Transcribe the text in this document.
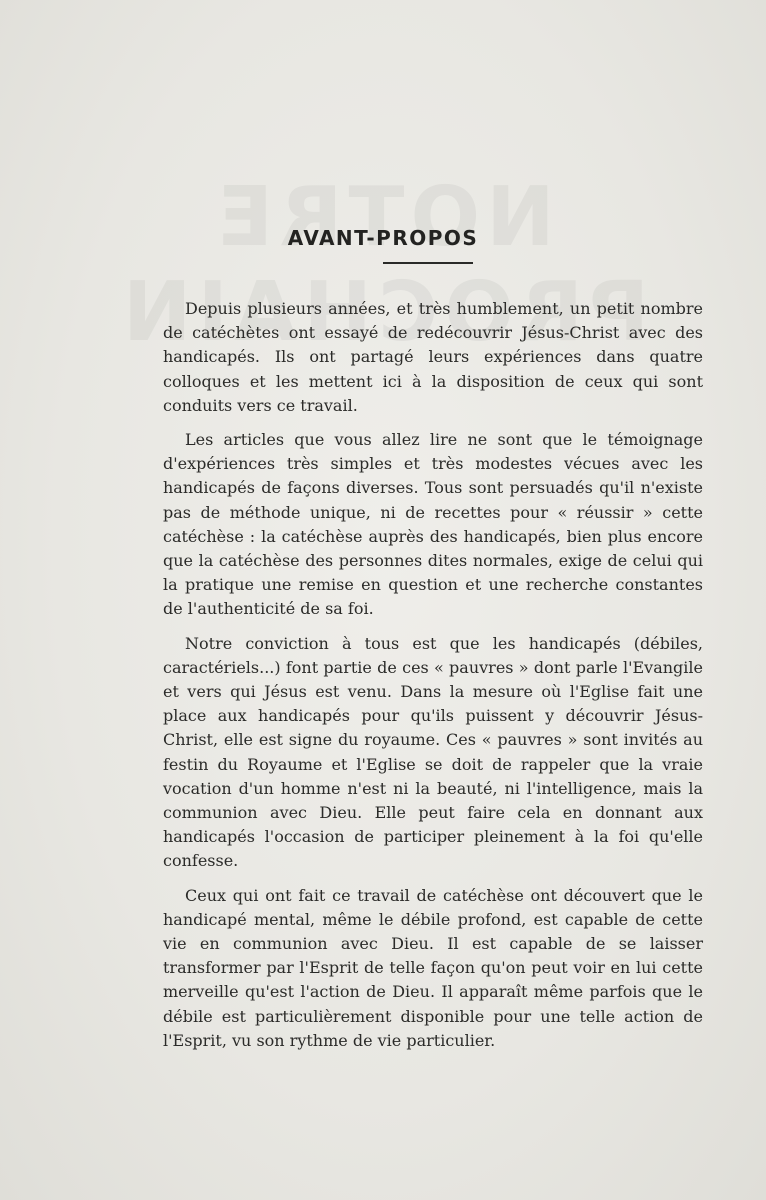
AVANT-PROPOS

Depuis plusieurs années, et très humblement, un petit nombre de catéchètes ont essayé de redécouvrir Jésus-Christ avec des handicapés. Ils ont partagé leurs expériences dans quatre colloques et les mettent ici à la disposition de ceux qui sont conduits vers ce travail.

Les articles que vous allez lire ne sont que le témoignage d'expériences très simples et très modestes vécues avec les handicapés de façons diverses. Tous sont persuadés qu'il n'existe pas de méthode unique, ni de recettes pour « réussir » cette catéchèse : la catéchèse auprès des handicapés, bien plus encore que la catéchèse des personnes dites normales, exige de celui qui la pratique une remise en question et une recherche constantes de l'authenticité de sa foi.

Notre conviction à tous est que les handicapés (débiles, caractériels...) font partie de ces « pauvres » dont parle l'Evangile et vers qui Jésus est venu. Dans la mesure où l'Eglise fait une place aux handicapés pour qu'ils puissent y découvrir Jésus-Christ, elle est signe du royaume. Ces « pauvres » sont invités au festin du Royaume et l'Eglise se doit de rappeler que la vraie vocation d'un homme n'est ni la beauté, ni l'intelligence, mais la communion avec Dieu. Elle peut faire cela en donnant aux handicapés l'occasion de participer pleinement à la foi qu'elle confesse.

Ceux qui ont fait ce travail de catéchèse ont découvert que le handicapé mental, même le débile profond, est capable de cette vie en communion avec Dieu. Il est capable de se laisser transformer par l'Esprit de telle façon qu'on peut voir en lui cette merveille qu'est l'action de Dieu. Il apparaît même parfois que le débile est particulièrement disponible pour une telle action de l'Esprit, vu son rythme de vie particulier.
